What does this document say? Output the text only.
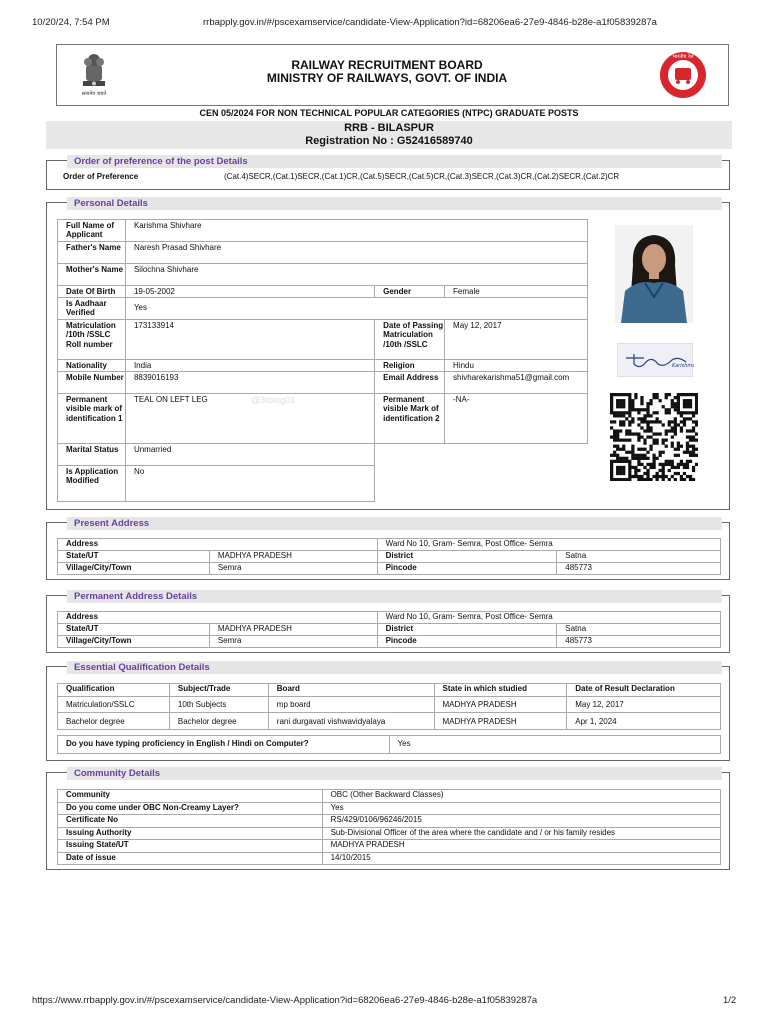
10/20/24, 7:54 PM	rrbapply.gov.in/#/pscexamservice/candidate-View-Application?id=68206ea6-27e9-4846-b28e-a1f05839287a
सत्यमेव जयते
RAILWAY RECRUITMENT BOARD
MINISTRY OF RAILWAYS, GOVT. OF INDIA
भारतीय रेल
CEN 05/2024 FOR NON TECHNICAL POPULAR CATEGORIES (NTPC) GRADUATE POSTS
RRB - BILASPUR
Registration No : G52416589740
Order of preference of the post Details
Order of Preference	(Cat.4)SECR,(Cat.1)SECR,(Cat.1)CR,(Cat.5)SECR,(Cat.5)CR,(Cat.3)SECR,(Cat.3)CR,(Cat.2)SECR,(Cat.2)CR
Personal Details
Full Name of Applicant	Karishma Shivhare		
Father's Name	Naresh Prasad Shivhare		
Mother's Name	Silochna Shivhare		
Date Of Birth	19-05-2002	Gender	Female
Is Aadhaar Verified	Yes		
Matriculation /10th /SSLC Roll number	173133914	Date of Passing Matriculation /10th /SSLC	May 12, 2017
Nationality	India	Religion	Hindu
Mobile Number	8839016193	Email Address	shivharekarishma51@gmail.com
Permanent visible mark of identification 1	TEAL ON LEFT LEG @3rblog01	Permanent visible Mark of identification 2	-NA-
Marital Status	Unmarried		
Is Application Modified	No		
Karishma
Present Address
Address		Ward No 10, Gram- Semra, Post Office- Semra	
State/UT	MADHYA PRADESH	District	Satna
Village/City/Town	Semra	Pincode	485773
Permanent Address Details
Address		Ward No 10, Gram- Semra, Post Office- Semra	
State/UT	MADHYA PRADESH	District	Satna
Village/City/Town	Semra	Pincode	485773
Essential Qualification Details
Qualification	Subject/Trade	Board	State in which studied	Date of Result Declaration
Matriculation/SSLC	10th Subjects	mp board	MADHYA PRADESH	May 12, 2017
Bachelor degree	Bachelor degree	rani durgavati vishwavidyalaya	MADHYA PRADESH	Apr 1, 2024
Do you have typing proficiency in English / Hindi on Computer?	Yes
Community Details
Community	OBC (Other Backward Classes)
Do you come under OBC Non-Creamy Layer?	Yes
Certificate No	RS/429/0106/96246/2015
Issuing Authority	Sub-Divisional Officer of the area where the candidate and / or his family resides
Issuing State/UT	MADHYA PRADESH
Date of issue	14/10/2015
https://www.rrbapply.gov.in/#/pscexamservice/candidate-View-Application?id=68206ea6-27e9-4846-b28e-a1f05839287a	1/2
